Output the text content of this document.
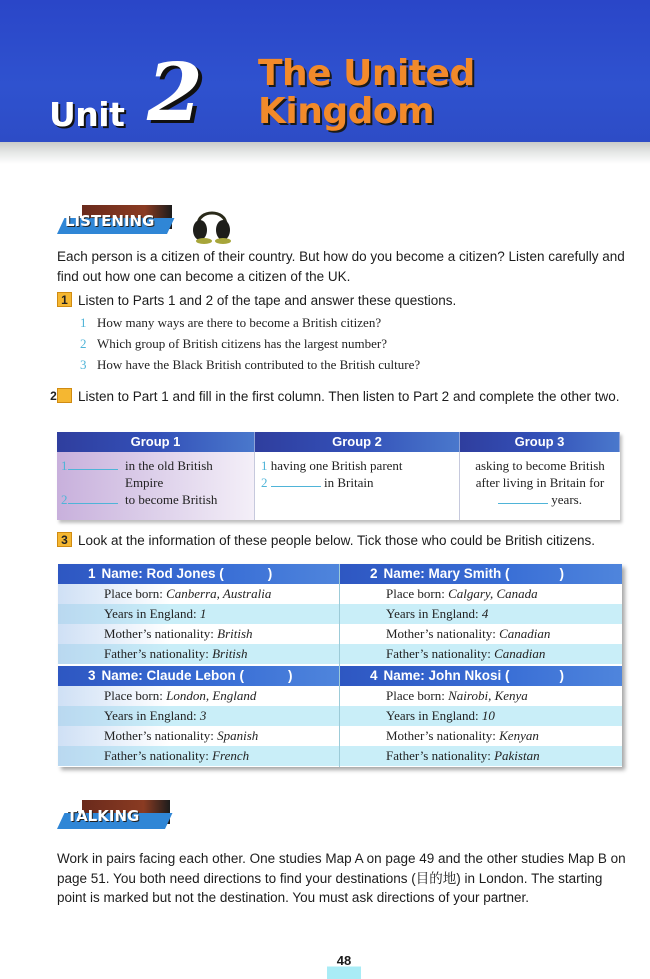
Unit 2 The United
Kingdom
LISTENING
Each person is a citizen of their country. But how do you become a citizen? Listen carefully and find out how one can become a citizen of the UK.
1 Listen to Parts 1 and 2 of the tape and answer these questions.
1 How many ways are there to become a British citizen?
2 Which group of British citizens has the largest number?
3 How have the Black British contributed to the British culture?
2 Listen to Part 1 and fill in the first column. Then listen to Part 2 and complete the other two.
Group 1	Group 2	Group 3
1	in the old British Empire
2	to become British
1 having one British parent
2	in Britain
asking to become British
after living in Britain for
years.
3 Look at the information of these people below. Tick those who could be British citizens.
1 Name: Rod Jones (	)
Place born: Canberra, Australia
Years in England: 1
Mother’s nationality: British
Father’s nationality: British
2 Name: Mary Smith (	)
Place born: Calgary, Canada
Years in England: 4
Mother’s nationality: Canadian
Father’s nationality: Canadian
3 Name: Claude Lebon (	)
Place born: London, England
Years in England: 3
Mother’s nationality: Spanish
Father’s nationality: French
4 Name: John Nkosi (	)
Place born: Nairobi, Kenya
Years in England: 10
Mother’s nationality: Kenyan
Father’s nationality: Pakistan
TALKING
Work in pairs facing each other. One studies Map A on page 49 and the other studies Map B on page 51. You both need directions to find your destinations (目的地) in London. The starting point is marked but not the destination. You must ask directions of your partner.
48
